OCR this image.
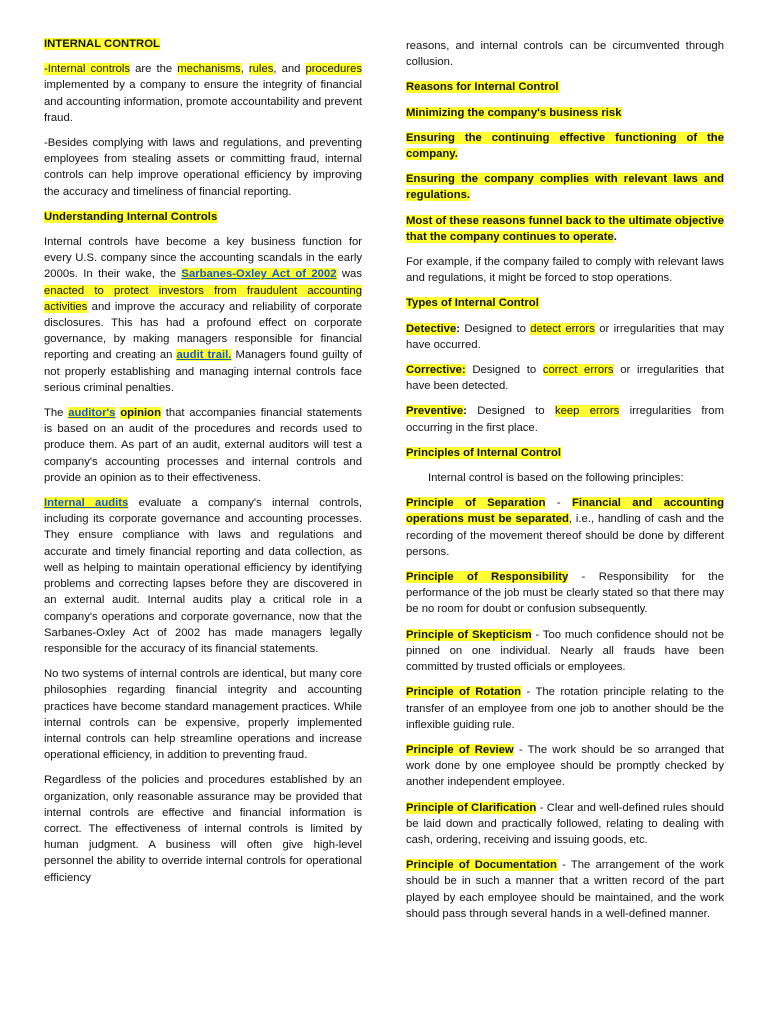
INTERNAL CONTROL

-Internal controls are the mechanisms, rules, and procedures implemented by a company to ensure the integrity of financial and accounting information, promote accountability and prevent fraud.

-Besides complying with laws and regulations, and preventing employees from stealing assets or committing fraud, internal controls can help improve operational efficiency by improving the accuracy and timeliness of financial reporting.

Understanding Internal Controls

Internal controls have become a key business function for every U.S. company since the accounting scandals in the early 2000s. In their wake, the Sarbanes-Oxley Act of 2002 was enacted to protect investors from fraudulent accounting activities and improve the accuracy and reliability of corporate disclosures. This has had a profound effect on corporate governance, by making managers responsible for financial reporting and creating an audit trail. Managers found guilty of not properly establishing and managing internal controls face serious criminal penalties.

The auditor's opinion that accompanies financial statements is based on an audit of the procedures and records used to produce them. As part of an audit, external auditors will test a company's accounting processes and internal controls and provide an opinion as to their effectiveness.

Internal audits evaluate a company's internal controls, including its corporate governance and accounting processes. They ensure compliance with laws and regulations and accurate and timely financial reporting and data collection, as well as helping to maintain operational efficiency by identifying problems and correcting lapses before they are discovered in an external audit. Internal audits play a critical role in a company's operations and corporate governance, now that the Sarbanes-Oxley Act of 2002 has made managers legally responsible for the accuracy of its financial statements.

No two systems of internal controls are identical, but many core philosophies regarding financial integrity and accounting practices have become standard management practices. While internal controls can be expensive, properly implemented internal controls can help streamline operations and increase operational efficiency, in addition to preventing fraud.

Regardless of the policies and procedures established by an organization, only reasonable assurance may be provided that internal controls are effective and financial information is correct. The effectiveness of internal controls is limited by human judgment. A business will often give high-level personnel the ability to override internal controls for operational efficiency

reasons, and internal controls can be circumvented through collusion.

Reasons for Internal Control

Minimizing the company's business risk

Ensuring the continuing effective functioning of the company.

Ensuring the company complies with relevant laws and regulations.

Most of these reasons funnel back to the ultimate objective that the company continues to operate.

For example, if the company failed to comply with relevant laws and regulations, it might be forced to stop operations.

Types of Internal Control

Detective: Designed to detect errors or irregularities that may have occurred.

Corrective: Designed to correct errors or irregularities that have been detected.

Preventive: Designed to keep errors irregularities from occurring in the first place.

Principles of Internal Control

Internal control is based on the following principles:

Principle of Separation - Financial and accounting operations must be separated, i.e., handling of cash and the recording of the movement thereof should be done by different persons.

Principle of Responsibility - Responsibility for the performance of the job must be clearly stated so that there may be no room for doubt or confusion subsequently.

Principle of Skepticism - Too much confidence should not be pinned on one individual. Nearly all frauds have been committed by trusted officials or employees.

Principle of Rotation - The rotation principle relating to the transfer of an employee from one job to another should be the inflexible guiding rule.

Principle of Review - The work should be so arranged that work done by one employee should be promptly checked by another independent employee.

Principle of Clarification - Clear and well-defined rules should be laid down and practically followed, relating to dealing with cash, ordering, receiving and issuing goods, etc.

Principle of Documentation - The arrangement of the work should be in such a manner that a written record of the part played by each employee should be maintained, and the work should pass through several hands in a well-defined manner.
